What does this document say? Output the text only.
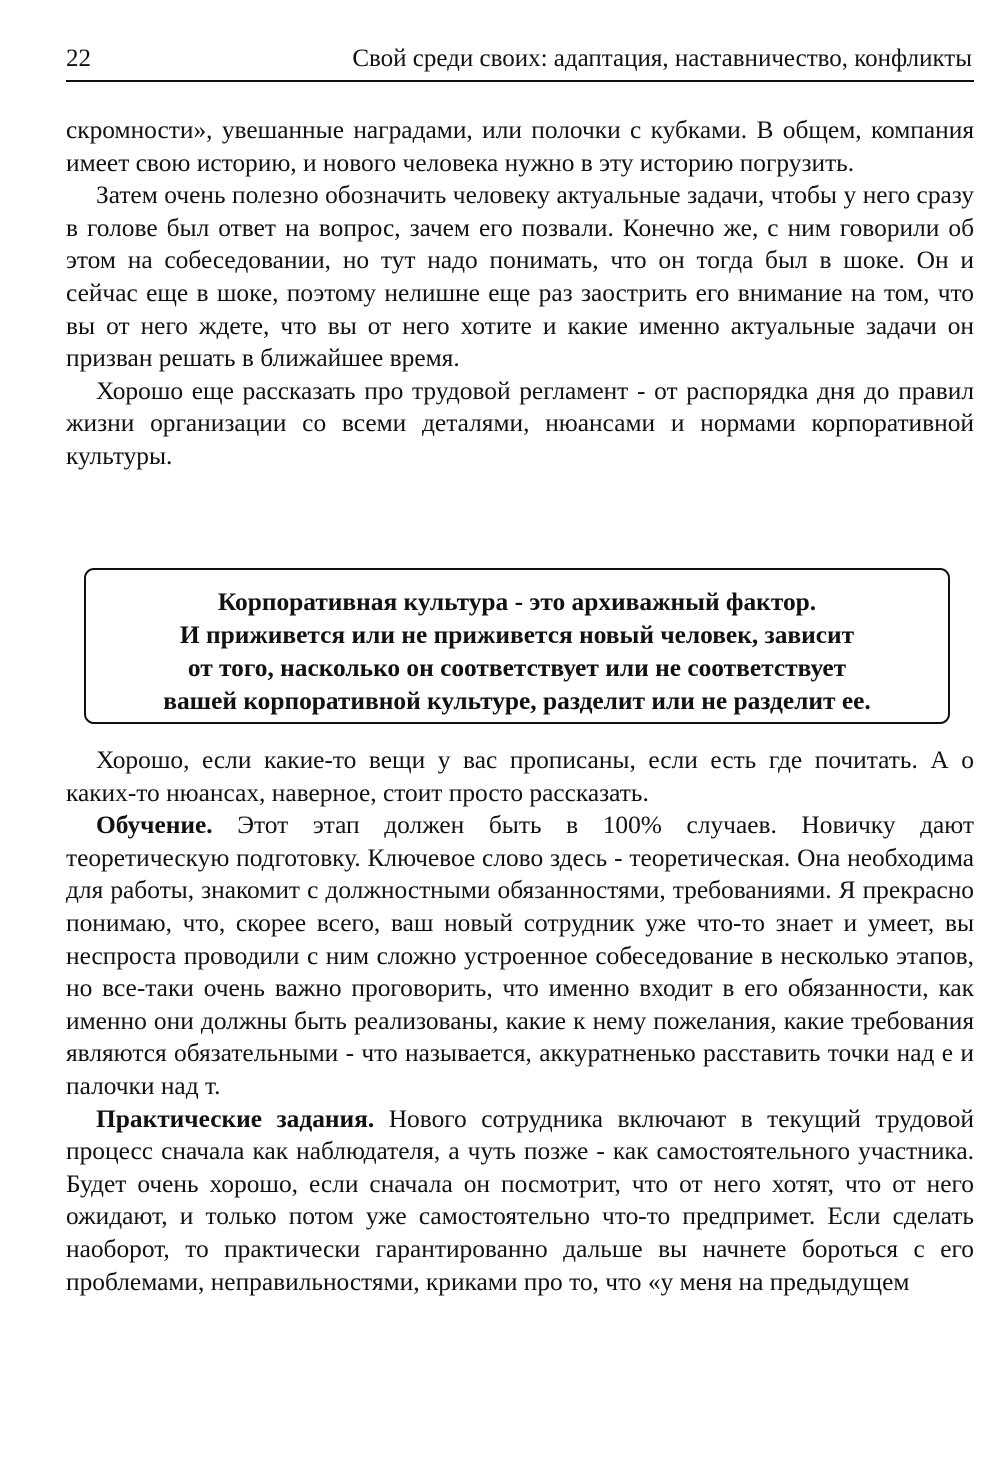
22	Свой среди своих: адаптация, наставничество, конфликты

скромности», увешанные наградами, или полочки с кубками. В общем, компания имеет свою историю, и нового человека нужно в эту историю погрузить.

Затем очень полезно обозначить человеку актуальные задачи, чтобы у него сразу в голове был ответ на вопрос, зачем его позвали. Конечно же, с ним говорили об этом на собеседовании, но тут надо понимать, что он тогда был в шоке. Он и сейчас еще в шоке, поэтому нелишне еще раз заострить его внимание на том, что вы от него ждете, что вы от него хотите и какие именно актуальные задачи он призван решать в ближайшее время.

Хорошо еще рассказать про трудовой регламент - от распорядка дня до правил жизни организации со всеми деталями, нюансами и нормами корпоративной культуры.

Корпоративная культура - это архиважный фактор.
И приживется или не приживется новый человек, зависит
от того, насколько он соответствует или не соответствует
вашей корпоративной культуре, разделит или не разделит ее.

Хорошо, если какие-то вещи у вас прописаны, если есть где почитать. А о каких-то нюансах, наверное, стоит просто рассказать.

Обучение. Этот этап должен быть в 100% случаев. Новичку дают теоретическую подготовку. Ключевое слово здесь - теоретическая. Она необходима для работы, знакомит с должностными обязанностями, требованиями. Я прекрасно понимаю, что, скорее всего, ваш новый сотрудник уже что-то знает и умеет, вы неспроста проводили с ним сложно устроенное собеседование в несколько этапов, но все-таки очень важно проговорить, что именно входит в его обязанности, как именно они должны быть реализованы, какие к нему пожелания, какие требования являются обязательными - что называется, аккуратненько расставить точки над е и палочки над т.

Практические задания. Нового сотрудника включают в текущий трудовой процесс сначала как наблюдателя, а чуть позже - как самостоятельного участника. Будет очень хорошо, если сначала он посмотрит, что от него хотят, что от него ожидают, и только потом уже самостоятельно что-то предпримет. Если сделать наоборот, то практически гарантированно дальше вы начнете бороться с его проблемами, неправильностями, криками про то, что «у меня на предыдущем
